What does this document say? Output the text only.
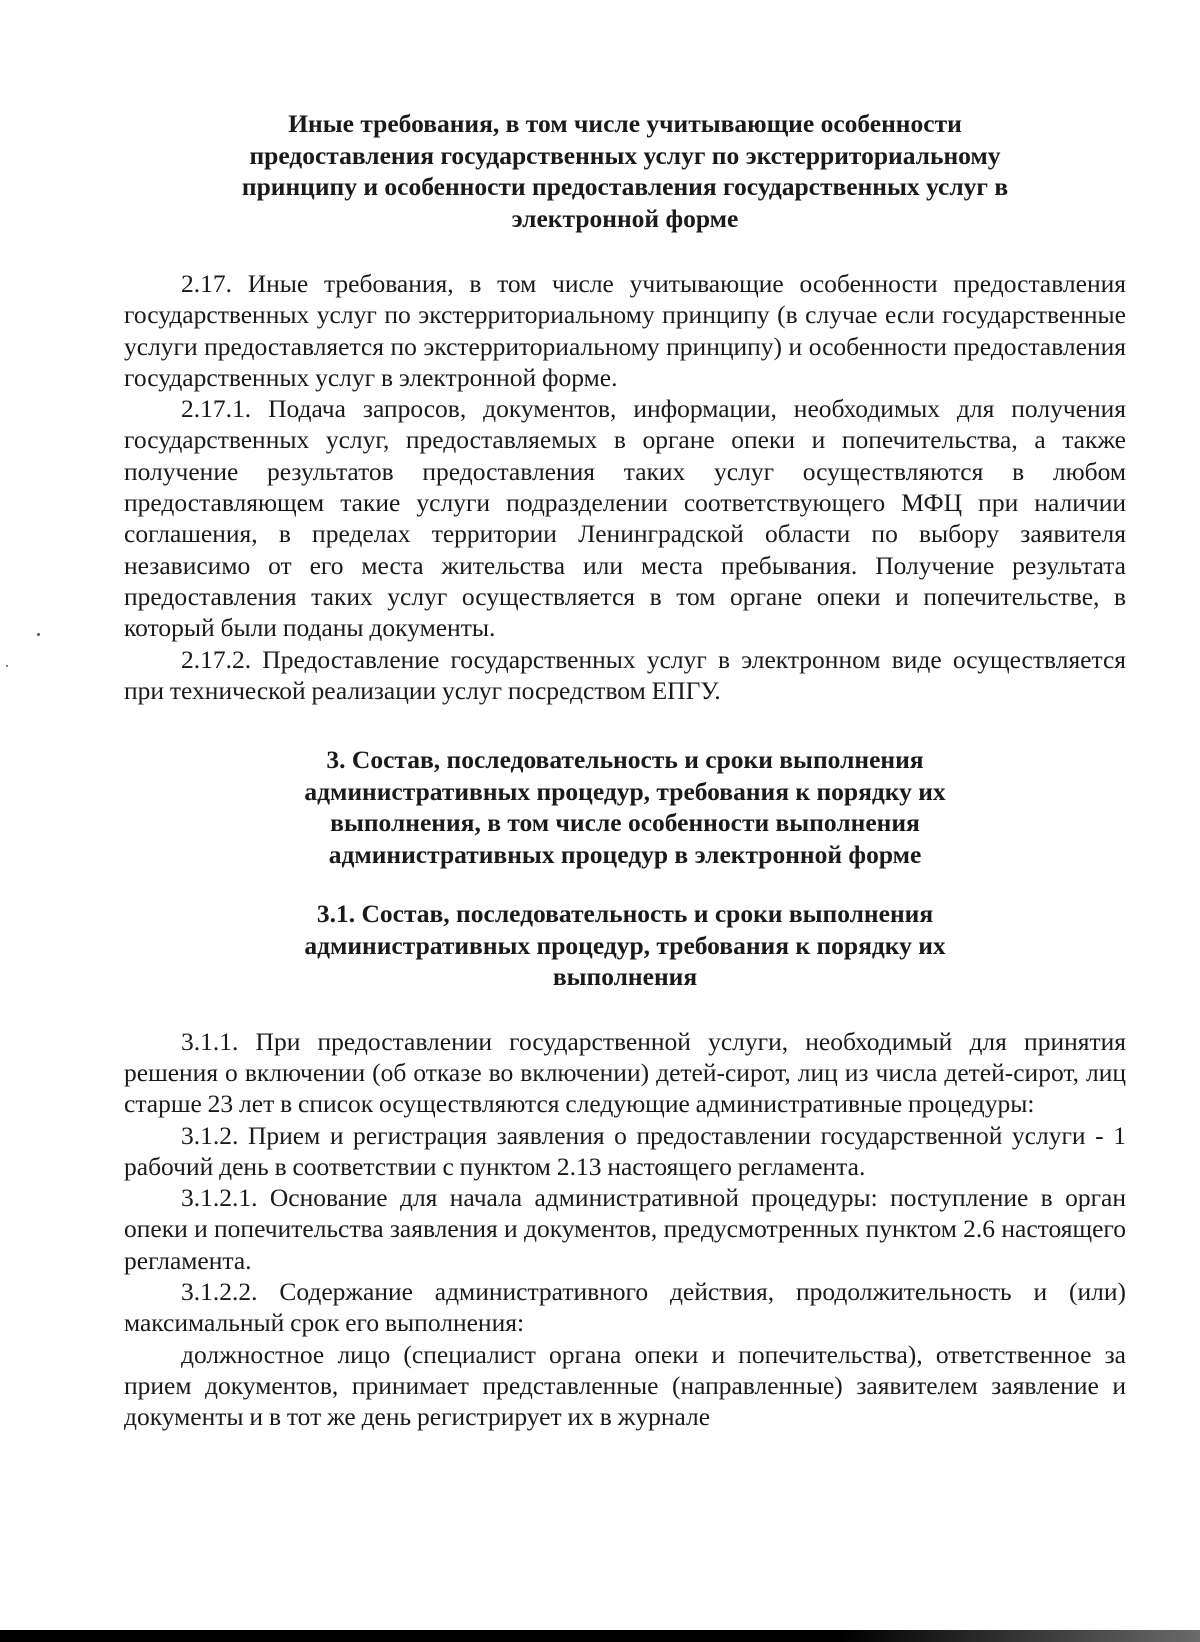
Иные требования, в том числе учитывающие особенности предоставления государственных услуг по экстерриториальному принципу и особенности предоставления государственных услуг в электронной форме

2.17. Иные требования, в том числе учитывающие особенности предоставления государственных услуг по экстерриториальному принципу (в случае если государственные услуги предоставляется по экстерриториальному принципу) и особенности предоставления государственных услуг в электронной форме.

2.17.1. Подача запросов, документов, информации, необходимых для получения государственных услуг, предоставляемых в органе опеки и попечительства, а также получение результатов предоставления таких услуг осуществляются в любом предоставляющем такие услуги подразделении соответствующего МФЦ при наличии соглашения, в пределах территории Ленинградской области по выбору заявителя независимо от его места жительства или места пребывания. Получение результата предоставления таких услуг осуществляется в том органе опеки и попечительстве, в который были поданы документы.

2.17.2. Предоставление государственных услуг в электронном виде осуществляется при технической реализации услуг посредством ЕПГУ.

3. Состав, последовательность и сроки выполнения административных процедур, требования к порядку их выполнения, в том числе особенности выполнения административных процедур в электронной форме
3.1. Состав, последовательность и сроки выполнения административных процедур, требования к порядку их выполнения

3.1.1. При предоставлении государственной услуги, необходимый для принятия решения о включении (об отказе во включении) детей-сирот, лиц из числа детей-сирот, лиц старше 23 лет в список осуществляются следующие административные процедуры:

3.1.2. Прием и регистрация заявления о предоставлении государственной услуги - 1 рабочий день в соответствии с пунктом 2.13 настоящего регламента.

3.1.2.1. Основание для начала административной процедуры: поступление в орган опеки и попечительства заявления и документов, предусмотренных пунктом 2.6 настоящего регламента.

3.1.2.2. Содержание административного действия, продолжительность и (или) максимальный срок его выполнения:

должностное лицо (специалист органа опеки и попечительства), ответственное за прием документов, принимает представленные (направленные) заявителем заявление и документы и в тот же день регистрирует их в журнале
